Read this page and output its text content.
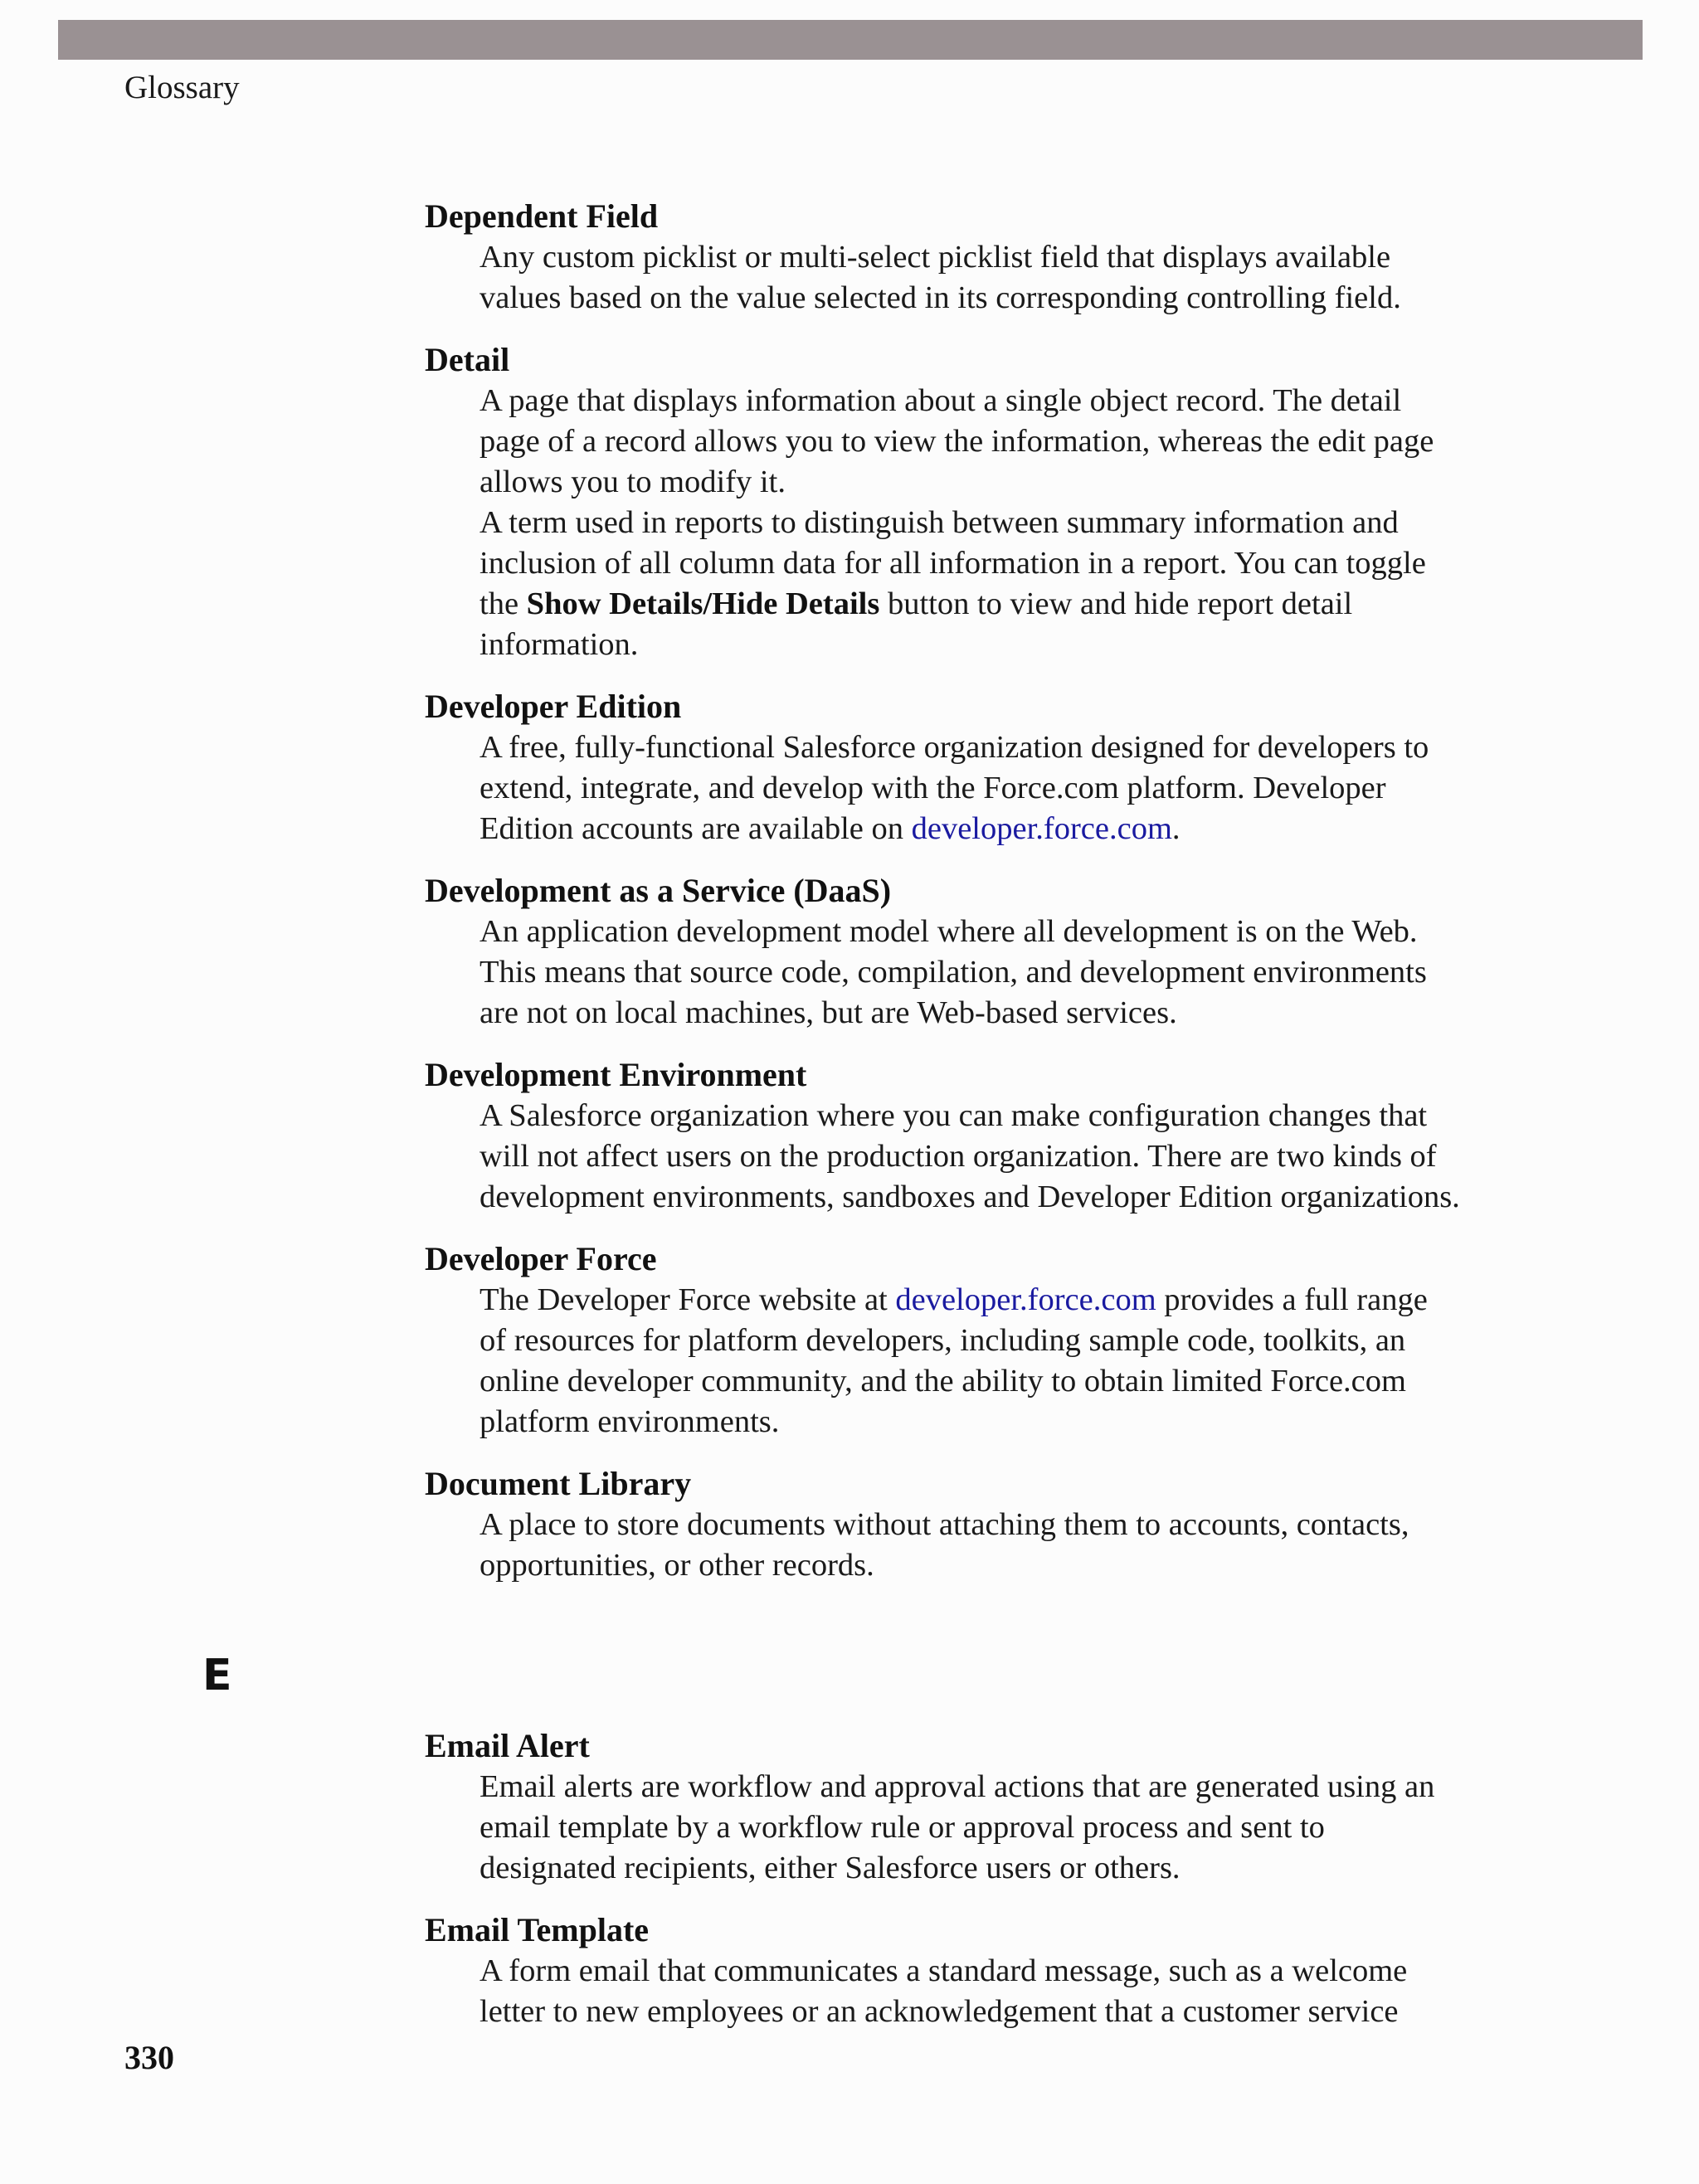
Glossary
Dependent Field

Any custom picklist or multi-select picklist field that displays available values based on the value selected in its corresponding controlling field.

Detail

A page that displays information about a single object record. The detail page of a record allows you to view the information, whereas the edit page allows you to modify it.

A term used in reports to distinguish between summary information and inclusion of all column data for all information in a report. You can toggle the Show Details/Hide Details button to view and hide report detail information.

Developer Edition

A free, fully-functional Salesforce organization designed for developers to extend, integrate, and develop with the Force.com platform. Developer Edition accounts are available on developer.force.com.

Development as a Service (DaaS)

An application development model where all development is on the Web. This means that source code, compilation, and development environments are not on local machines, but are Web-based services.

Development Environment

A Salesforce organization where you can make configuration changes that will not affect users on the production organization. There are two kinds of development environments, sandboxes and Developer Edition organizations.

Developer Force

The Developer Force website at developer.force.com provides a full range of resources for platform developers, including sample code, toolkits, an online developer community, and the ability to obtain limited Force.com platform environments.

Document Library

A place to store documents without attaching them to accounts, contacts, opportunities, or other records.

E
Email Alert

Email alerts are workflow and approval actions that are generated using an email template by a workflow rule or approval process and sent to designated recipients, either Salesforce users or others.

Email Template

A form email that communicates a standard message, such as a welcome letter to new employees or an acknowledgement that a customer service

330
